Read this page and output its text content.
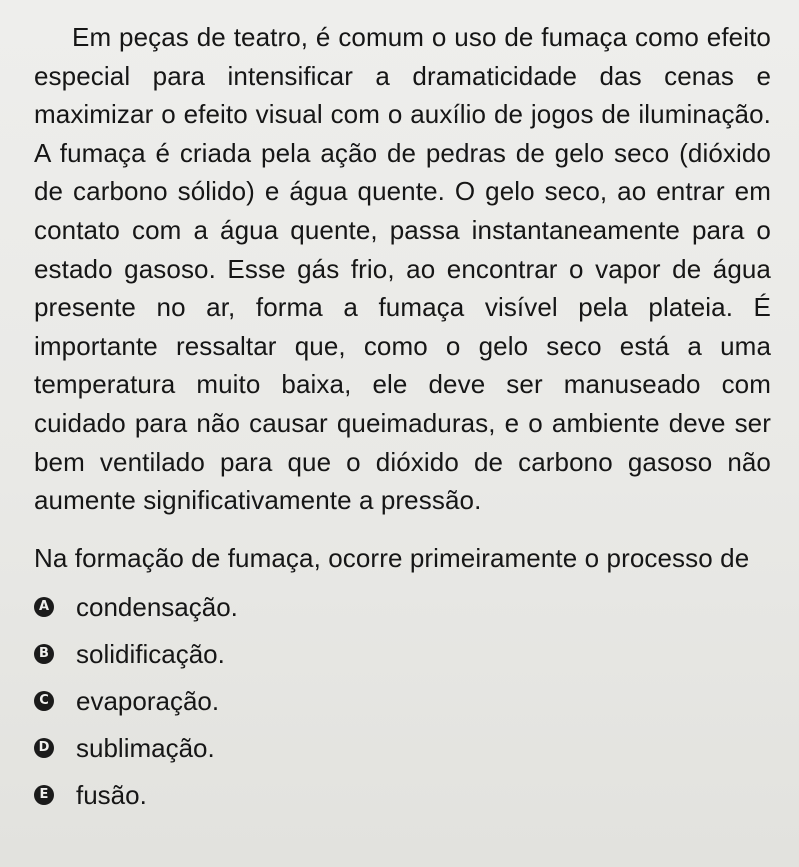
Em peças de teatro, é comum o uso de fumaça como efeito especial para intensificar a dramaticidade das cenas e maximizar o efeito visual com o auxílio de jogos de iluminação. A fumaça é criada pela ação de pedras de gelo seco (dióxido de carbono sólido) e água quente. O gelo seco, ao entrar em contato com a água quente, passa instantaneamente para o estado gasoso. Esse gás frio, ao encontrar o vapor de água presente no ar, forma a fumaça visível pela plateia. É importante ressaltar que, como o gelo seco está a uma temperatura muito baixa, ele deve ser manuseado com cuidado para não causar queimaduras, e o ambiente deve ser bem ventilado para que o dióxido de carbono gasoso não aumente significativamente a pressão.

Na formação de fumaça, ocorre primeiramente o processo de

A condensação.
B solidificação.
C evaporação.
D sublimação.
E fusão.
